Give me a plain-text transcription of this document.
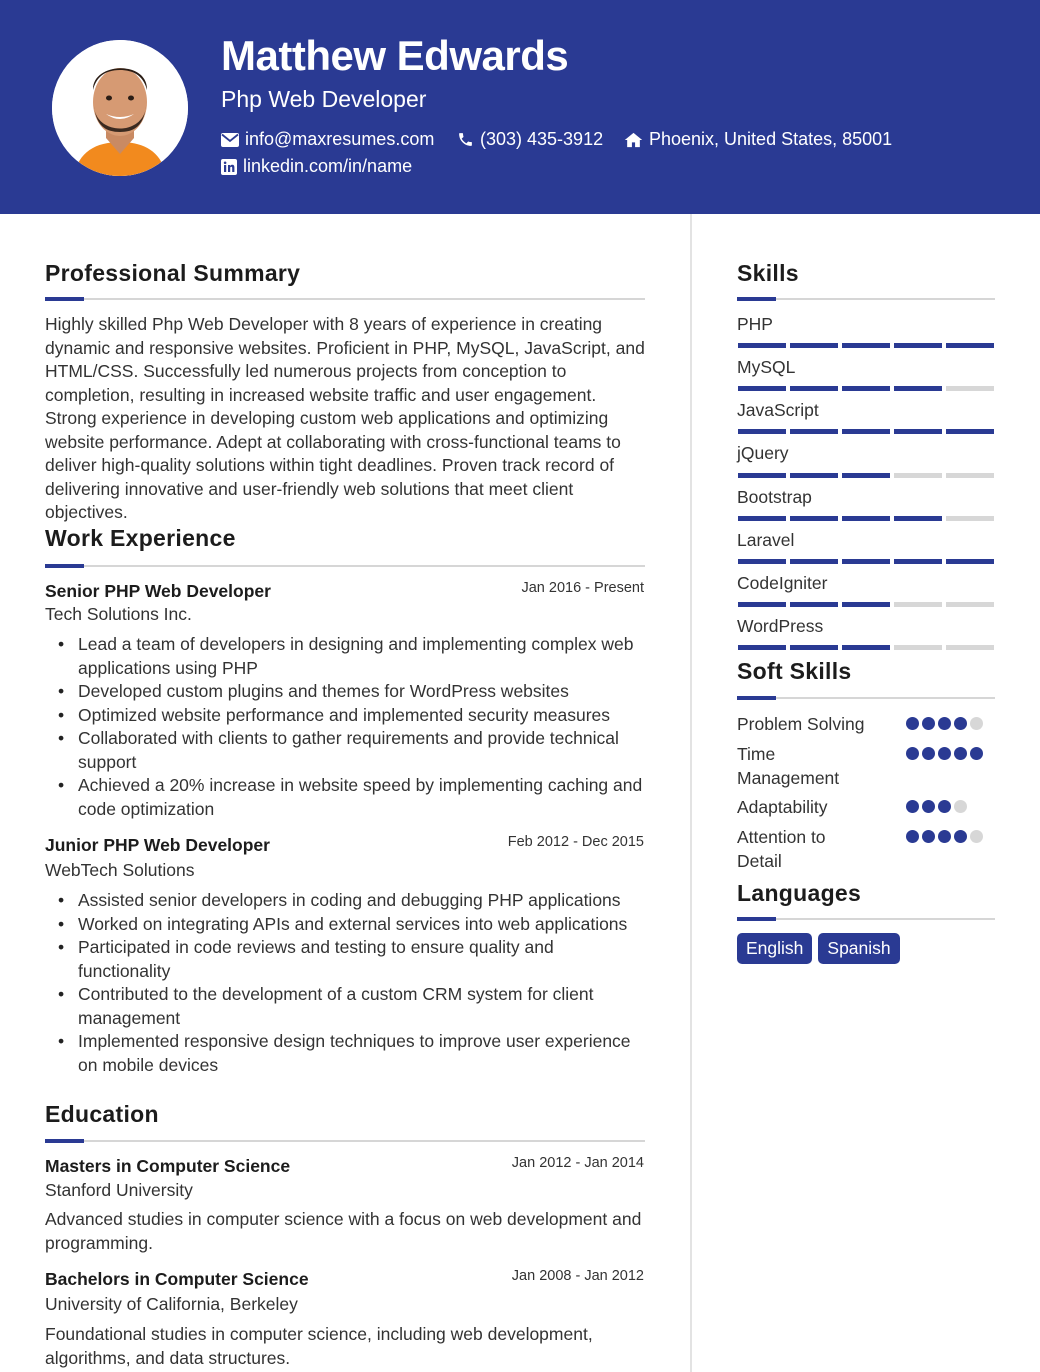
Matthew Edwards
Php Web Developer
info@maxresumes.com	(303) 435-3912	Phoenix, United States, 85001
linkedin.com/in/name
Professional Summary
Highly skilled Php Web Developer with 8 years of experience in creating dynamic and responsive websites. Proficient in PHP, MySQL, JavaScript, and HTML/CSS. Successfully led numerous projects from conception to completion, resulting in increased website traffic and user engagement. Strong experience in developing custom web applications and optimizing website performance. Adept at collaborating with cross-functional teams to deliver high-quality solutions within tight deadlines. Proven track record of delivering innovative and user-friendly web solutions that meet client objectives.
Work Experience
Senior PHP Web Developer	Jan 2016 - Present
Tech Solutions Inc.
• Lead a team of developers in designing and implementing complex web applications using PHP
• Developed custom plugins and themes for WordPress websites
• Optimized website performance and implemented security measures
• Collaborated with clients to gather requirements and provide technical support
• Achieved a 20% increase in website speed by implementing caching and code optimization
Junior PHP Web Developer	Feb 2012 - Dec 2015
WebTech Solutions
• Assisted senior developers in coding and debugging PHP applications
• Worked on integrating APIs and external services into web applications
• Participated in code reviews and testing to ensure quality and functionality
• Contributed to the development of a custom CRM system for client management
• Implemented responsive design techniques to improve user experience on mobile devices
Education
Masters in Computer Science	Jan 2012 - Jan 2014
Stanford University
Advanced studies in computer science with a focus on web development and programming.
Bachelors in Computer Science	Jan 2008 - Jan 2012
University of California, Berkeley
Foundational studies in computer science, including web development, algorithms, and data structures.
Skills
PHP
MySQL
JavaScript
jQuery
Bootstrap
Laravel
CodeIgniter
WordPress
Soft Skills
Problem Solving
Time Management
Adaptability
Attention to Detail
Languages
English	Spanish
